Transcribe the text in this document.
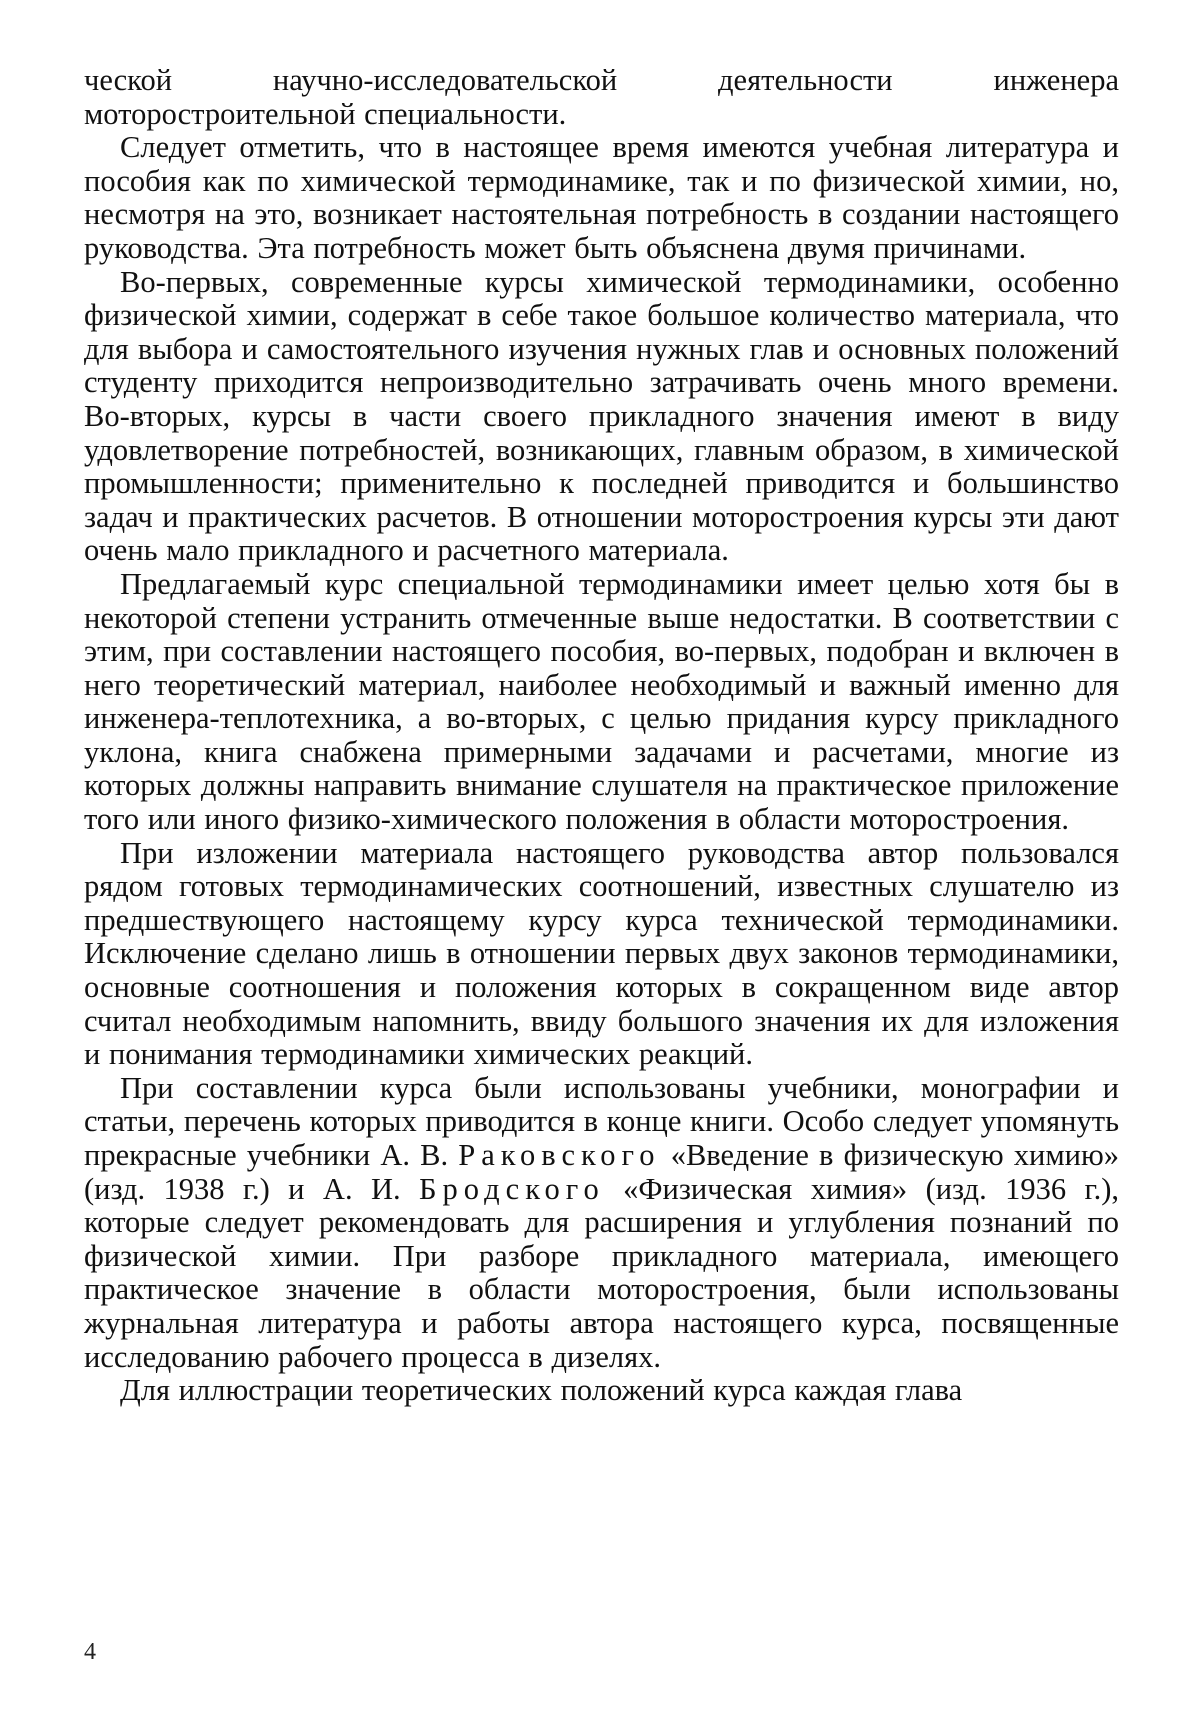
ческой научно-исследовательской деятельности инженера моторостроительной специальности.

Следует отметить, что в настоящее время имеются учебная литература и пособия как по химической термодинамике, так и по физической химии, но, несмотря на это, возникает настоятельная потребность в создании настоящего руководства. Эта потребность может быть объяснена двумя причинами.

Во-первых, современные курсы химической термодинамики, особенно физической химии, содержат в себе такое большое количество материала, что для выбора и самостоятельного изучения нужных глав и основных положений студенту приходится непроизводительно затрачивать очень много времени. Во-вторых, курсы в части своего прикладного значения имеют в виду удовлетворение потребностей, возникающих, главным образом, в химической промышленности; применительно к последней приводится и большинство задач и практических расчетов. В отношении моторостроения курсы эти дают очень мало прикладного и расчетного материала.

Предлагаемый курс специальной термодинамики имеет целью хотя бы в некоторой степени устранить отмеченные выше недостатки. В соответствии с этим, при составлении настоящего пособия, во-первых, подобран и включен в него теоретический материал, наиболее необходимый и важный именно для инженера-теплотехника, а во-вторых, с целью придания курсу прикладного уклона, книга снабжена примерными задачами и расчетами, многие из которых должны направить внимание слушателя на практическое приложение того или иного физико-химического положения в области моторостроения.

При изложении материала настоящего руководства автор пользовался рядом готовых термодинамических соотношений, известных слушателю из предшествующего настоящему курсу курса технической термодинамики. Исключение сделано лишь в отношении первых двух законов термодинамики, основные соотношения и положения которых в сокращенном виде автор считал необходимым напомнить, ввиду большого значения их для изложения и понимания термодинамики химических реакций.

При составлении курса были использованы учебники, монографии и статьи, перечень которых приводится в конце книги. Особо следует упомянуть прекрасные учебники А. В. Раковского «Введение в физическую химию» (изд. 1938 г.) и А. И. Бродского «Физическая химия» (изд. 1936 г.), которые следует рекомендовать для расширения и углубления познаний по физической химии. При разборе прикладного материала, имеющего практическое значение в области моторостроения, были использованы журнальная литература и работы автора настоящего курса, посвященные исследованию рабочего процесса в дизелях.

Для иллюстрации теоретических положений курса каждая глава

4
